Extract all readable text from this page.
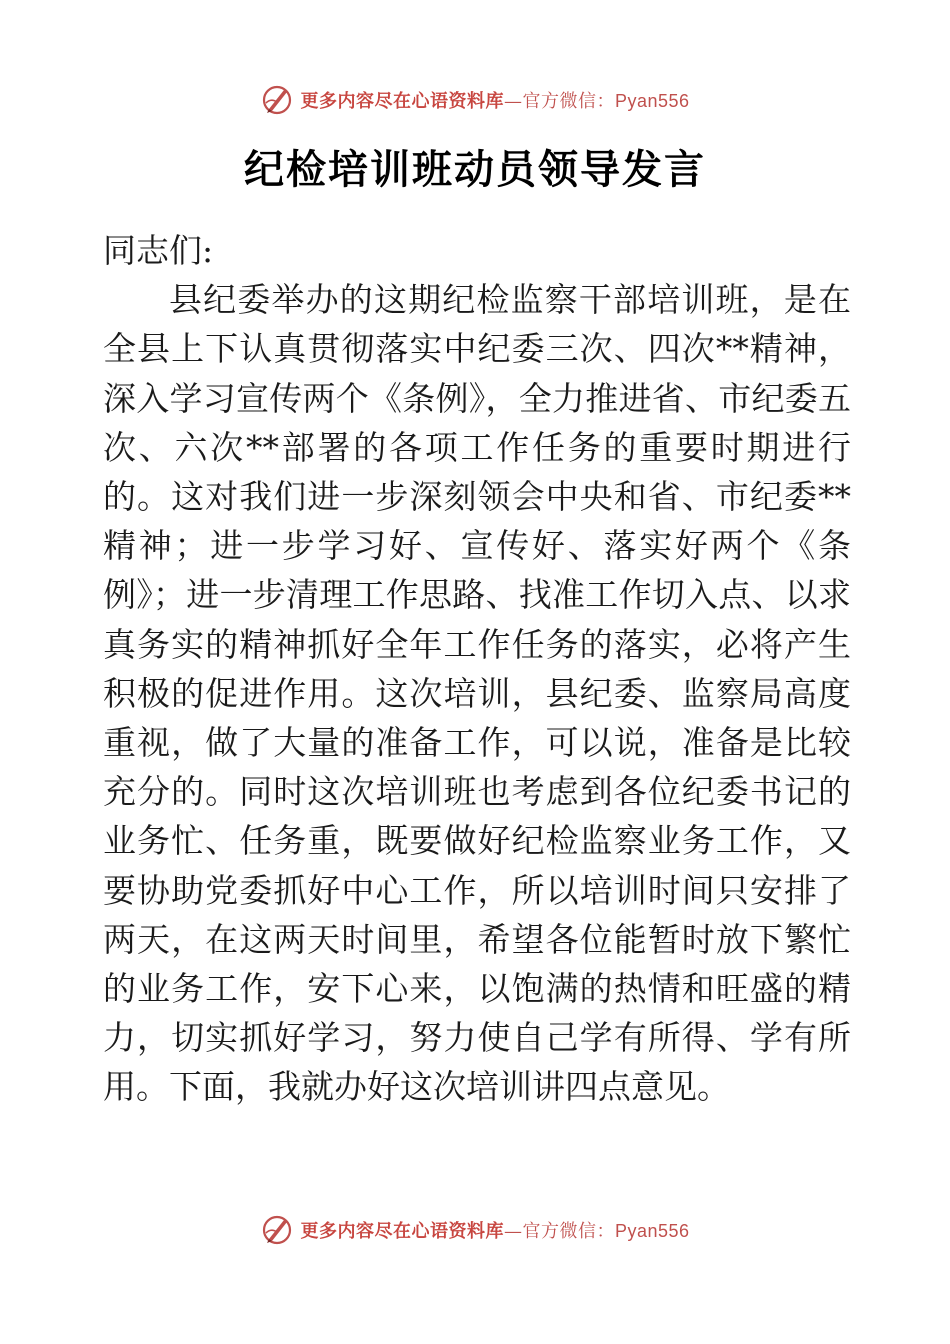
更多内容尽在心语资料库—官方微信：Pyan556
纪检培训班动员领导发言

同志们:

县纪委举办的这期纪检监察干部培训班，是在全县上下认真贯彻落实中纪委三次、四次**精神，深入学习宣传两个《条例》，全力推进省、市纪委五次、六次**部署的各项工作任务的重要时期进行的。这对我们进一步深刻领会中央和省、市纪委**精神；进一步学习好、宣传好、落实好两个《条例》；进一步清理工作思路、找准工作切入点、以求真务实的精神抓好全年工作任务的落实，必将产生积极的促进作用。这次培训，县纪委、监察局高度重视，做了大量的准备工作，可以说，准备是比较充分的。同时这次培训班也考虑到各位纪委书记的业务忙、任务重，既要做好纪检监察业务工作，又要协助党委抓好中心工作，所以培训时间只安排了两天，在这两天时间里，希望各位能暂时放下繁忙的业务工作，安下心来，以饱满的热情和旺盛的精力，切实抓好学习，努力使自己学有所得、学有所用。下面，我就办好这次培训讲四点意见。

更多内容尽在心语资料库—官方微信：Pyan556
